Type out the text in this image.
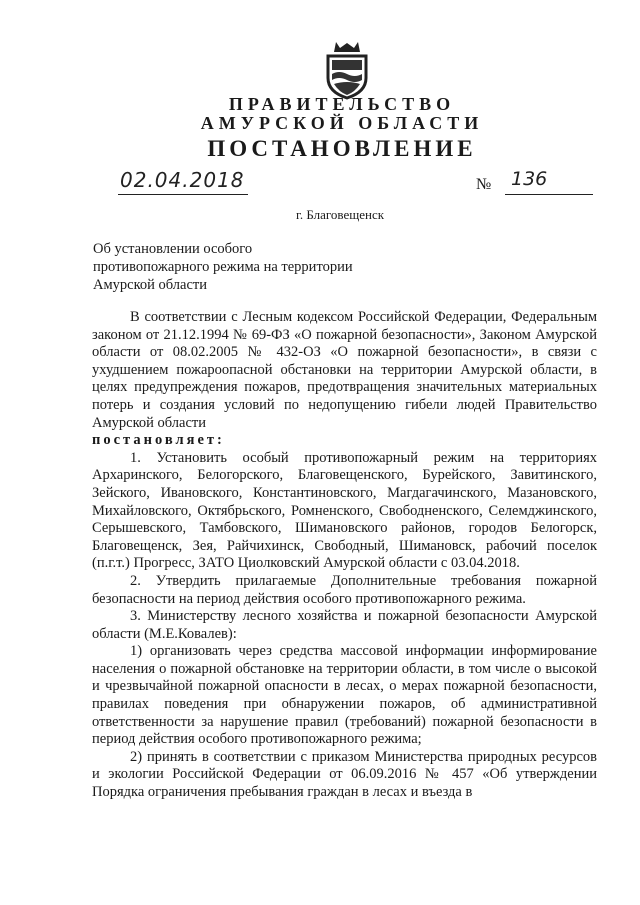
ПРАВИТЕЛЬСТВО
АМУРСКОЙ ОБЛАСТИ
ПОСТАНОВЛЕНИЕ
02.04.2018	№ 136
г. Благовещенск
Об установлении особого противопожарного режима на территории Амурской области

В соответствии с Лесным кодексом Российской Федерации, Федеральным законом от 21.12.1994 № 69-ФЗ «О пожарной безопасности», Законом Амурской области от 08.02.2005 № 432-ОЗ «О пожарной безопасности», в связи с ухудшением пожароопасной обстановки на территории Амурской области, в целях предупреждения пожаров, предотвращения значительных материальных потерь и создания условий по недопущению гибели людей Правительство Амурской области

постановляет:

1. Установить особый противопожарный режим на территориях Архаринского, Белогорского, Благовещенского, Бурейского, Завитинского, Зейского, Ивановского, Константиновского, Магдагачинского, Мазановского, Михайловского, Октябрьского, Ромненского, Свободненского, Селемджинского, Серышевского, Тамбовского, Шимановского районов, городов Белогорск, Благовещенск, Зея, Райчихинск, Свободный, Шимановск, рабочий поселок (п.г.т.) Прогресс, ЗАТО Циолковский Амурской области с 03.04.2018.

2. Утвердить прилагаемые Дополнительные требования пожарной безопасности на период действия особого противопожарного режима.

3. Министерству лесного хозяйства и пожарной безопасности Амурской области (М.Е.Ковалев):

1) организовать через средства массовой информации информирование населения о пожарной обстановке на территории области, в том числе о высокой и чрезвычайной пожарной опасности в лесах, о мерах пожарной безопасности, правилах поведения при обнаружении пожаров, об административной ответственности за нарушение правил (требований) пожарной безопасности в период действия особого противопожарного режима;

2) принять в соответствии с приказом Министерства природных ресурсов и экологии Российской Федерации от 06.09.2016 № 457 «Об утверждении Порядка ограничения пребывания граждан в лесах и въезда в
